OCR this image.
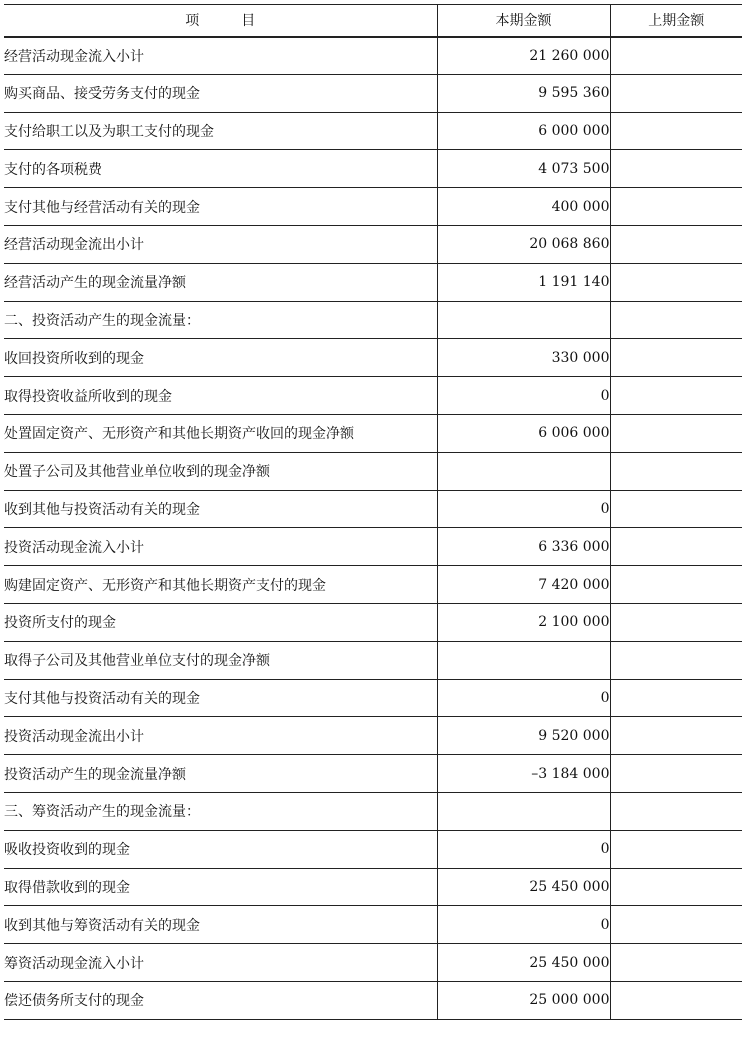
项 目	本期金额	上期金额
经营活动现金流入小计	21 260 000	
购买商品、接受劳务支付的现金	9 595 360	
支付给职工以及为职工支付的现金	6 000 000	
支付的各项税费	4 073 500	
支付其他与经营活动有关的现金	400 000	
经营活动现金流出小计	20 068 860	
经营活动产生的现金流量净额	1 191 140	
二、投资活动产生的现金流量：		
收回投资所收到的现金	330 000	
取得投资收益所收到的现金	0	
处置固定资产、无形资产和其他长期资产收回的现金净额	6 006 000	
处置子公司及其他营业单位收到的现金净额		
收到其他与投资活动有关的现金	0	
投资活动现金流入小计	6 336 000	
购建固定资产、无形资产和其他长期资产支付的现金	7 420 000	
投资所支付的现金	2 100 000	
取得子公司及其他营业单位支付的现金净额		
支付其他与投资活动有关的现金	0	
投资活动现金流出小计	9 520 000	
投资活动产生的现金流量净额	–3 184 000	
三、筹资活动产生的现金流量：		
吸收投资收到的现金	0	
取得借款收到的现金	25 450 000	
收到其他与筹资活动有关的现金	0	
筹资活动现金流入小计	25 450 000	
偿还债务所支付的现金	25 000 000	
